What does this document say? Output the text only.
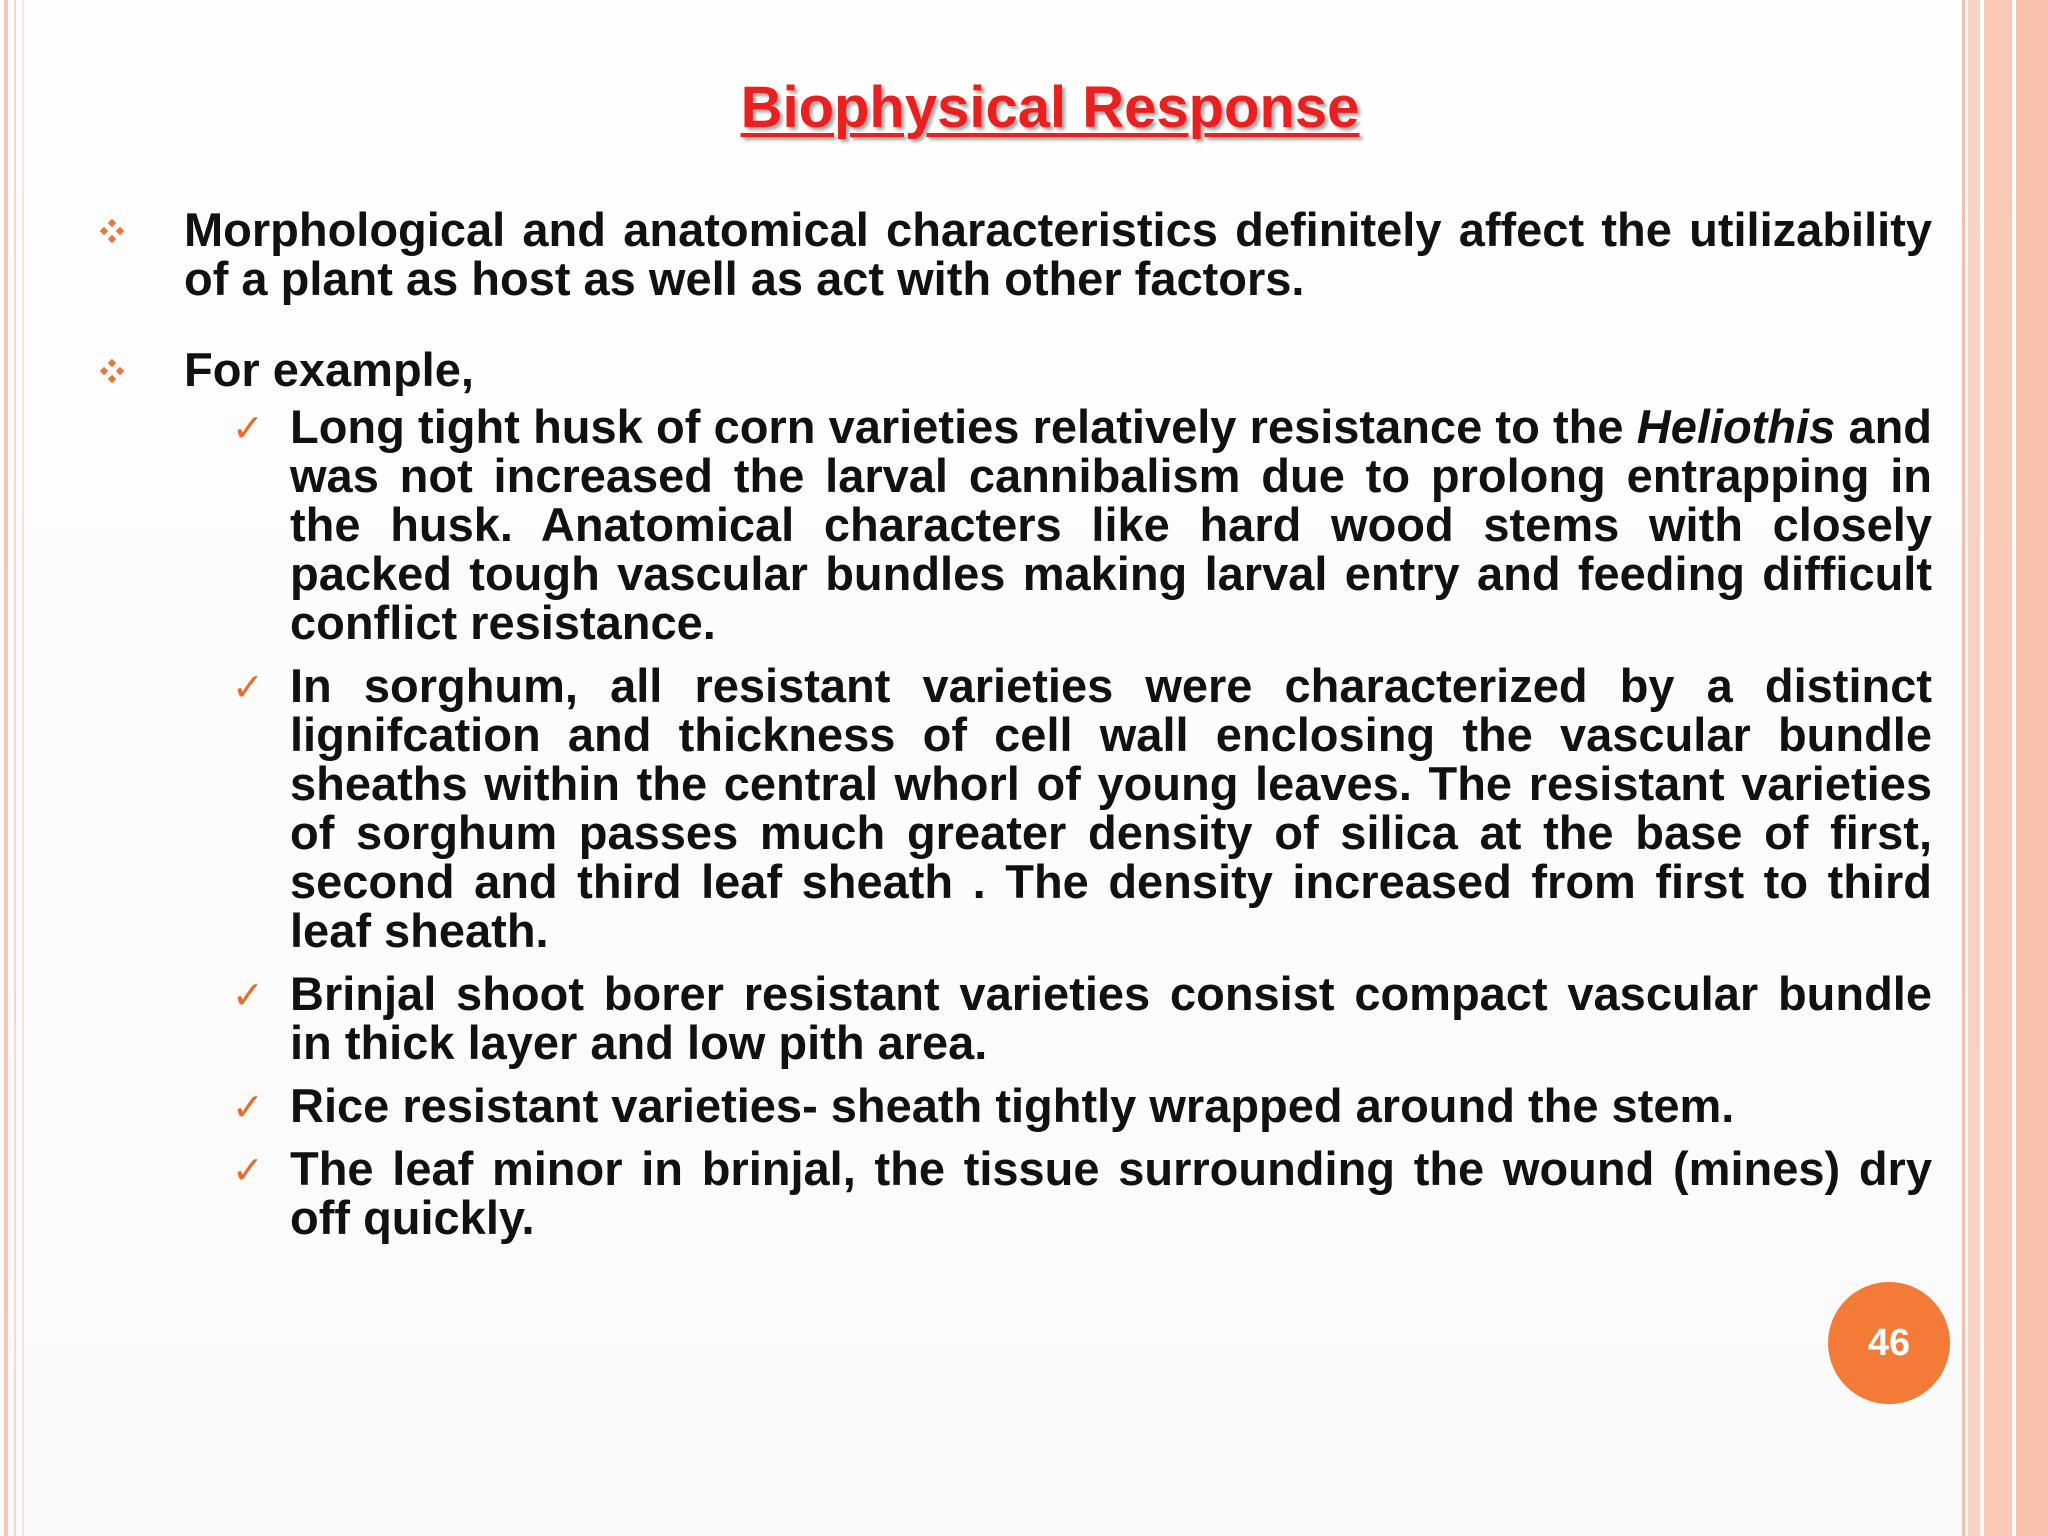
Biophysical Response
Morphological and anatomical characteristics definitely affect the utilizability of a plant as host as well as act with other factors.
For example,
✓ Long tight husk of corn varieties relatively resistance to the Heliothis and was not increased the larval cannibalism due to prolong entrapping in the husk. Anatomical characters like hard wood stems with closely packed tough vascular bundles making larval entry and feeding difficult conflict resistance.
✓ In sorghum, all resistant varieties were characterized by a distinct lignifcation and thickness of cell wall enclosing the vascular bundle sheaths within the central whorl of young leaves. The resistant varieties of sorghum passes much greater density of silica at the base of first, second and third leaf sheath . The density increased from first to third leaf sheath.
✓ Brinjal shoot borer resistant varieties consist compact vascular bundle in thick layer and low pith area.
✓ Rice resistant varieties- sheath tightly wrapped around the stem.
✓ The leaf minor in brinjal, the tissue surrounding the wound (mines) dry off quickly.
46
